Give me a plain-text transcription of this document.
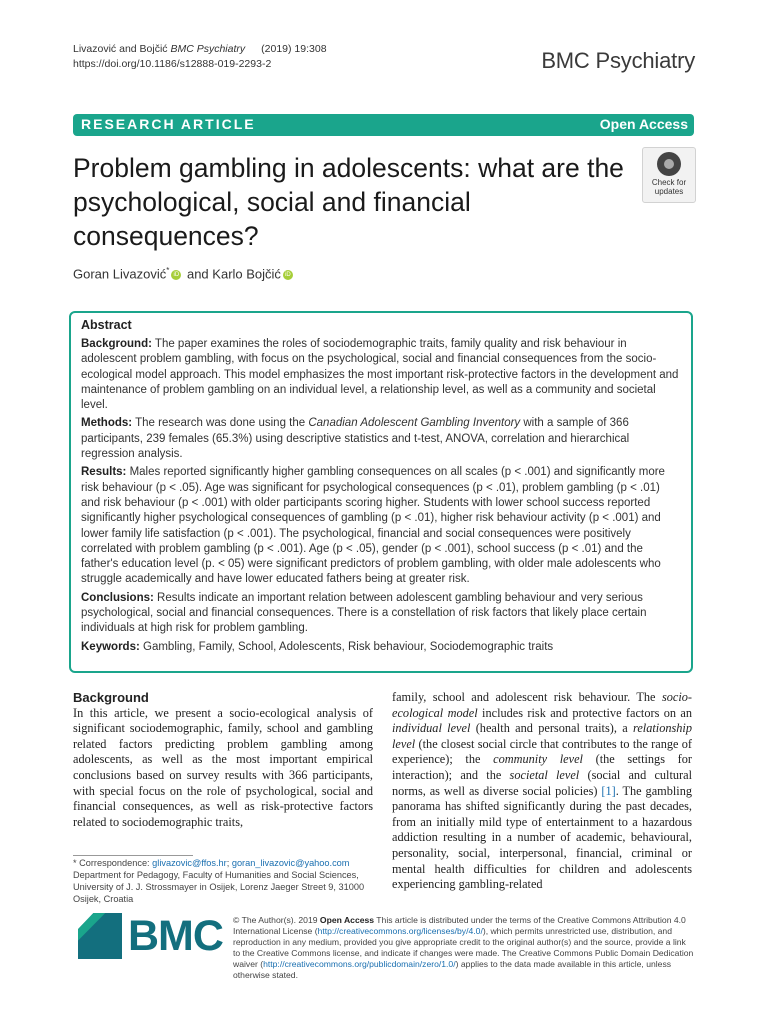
Livazović and Bojčić BMC Psychiatry (2019) 19:308
https://doi.org/10.1186/s12888-019-2293-2	BMC Psychiatry
RESEARCH ARTICLE	Open Access
Problem gambling in adolescents: what are the psychological, social and financial consequences?
Check for
updates
Goran Livazović* iD and Karlo Bojčić iD
Abstract

Background: The paper examines the roles of sociodemographic traits, family quality and risk behaviour in adolescent problem gambling, with focus on the psychological, social and financial consequences from the socio-ecological model approach. This model emphasizes the most important risk-protective factors in the development and maintenance of problem gambling on an individual level, a relationship level, as well as a community and societal level.

Methods: The research was done using the Canadian Adolescent Gambling Inventory with a sample of 366 participants, 239 females (65.3%) using descriptive statistics and t-test, ANOVA, correlation and hierarchical regression analysis.

Results: Males reported significantly higher gambling consequences on all scales (p < .001) and significantly more risk behaviour (p < .05). Age was significant for psychological consequences (p < .01), problem gambling (p < .01) and risk behaviour (p < .001) with older participants scoring higher. Students with lower school success reported significantly higher psychological consequences of gambling (p < .01), higher risk behaviour activity (p < .001) and lower family life satisfaction (p < .001). The psychological, financial and social consequences were positively correlated with problem gambling (p < .001). Age (p < .05), gender (p < .001), school success (p < .01) and the father's education level (p. < 05) were significant predictors of problem gambling, with older male adolescents who struggle academically and have lower educated fathers being at greater risk.

Conclusions: Results indicate an important relation between adolescent gambling behaviour and very serious psychological, social and financial consequences. There is a constellation of risk factors that likely place certain individuals at high risk for problem gambling.

Keywords: Gambling, Family, School, Adolescents, Risk behaviour, Sociodemographic traits

Background

In this article, we present a socio-ecological analysis of significant sociodemographic, family, school and gambling related factors predicting problem gambling among adolescents, as well as the most important empirical conclusions based on survey results with 366 participants, with special focus on the role of psychological, social and financial consequences, as well as risk-protective factors related to sociodemographic traits,

family, school and adolescent risk behaviour. The socio-ecological model includes risk and protective factors on an individual level (health and personal traits), a relationship level (the closest social circle that contributes to the range of experience); the community level (the settings for interaction); and the societal level (social and cultural norms, as well as diverse social policies) [1]. The gambling panorama has shifted significantly during the past decades, from an initially mild type of entertainment to a hazardous addiction resulting in a number of academic, behavioural, personality, social, interpersonal, financial, criminal or mental health difficulties for children and adolescents experiencing gambling-related

* Correspondence: glivazovic@ffos.hr; goran_livazovic@yahoo.com
Department for Pedagogy, Faculty of Humanities and Social Sciences, University of J. J. Strossmayer in Osijek, Lorenz Jaeger Street 9, 31000 Osijek, Croatia
BMC © The Author(s). 2019 Open Access This article is distributed under the terms of the Creative Commons Attribution 4.0 International License (http://creativecommons.org/licenses/by/4.0/), which permits unrestricted use, distribution, and reproduction in any medium, provided you give appropriate credit to the original author(s) and the source, provide a link to the Creative Commons license, and indicate if changes were made. The Creative Commons Public Domain Dedication waiver (http://creativecommons.org/publicdomain/zero/1.0/) applies to the data made available in this article, unless otherwise stated.
